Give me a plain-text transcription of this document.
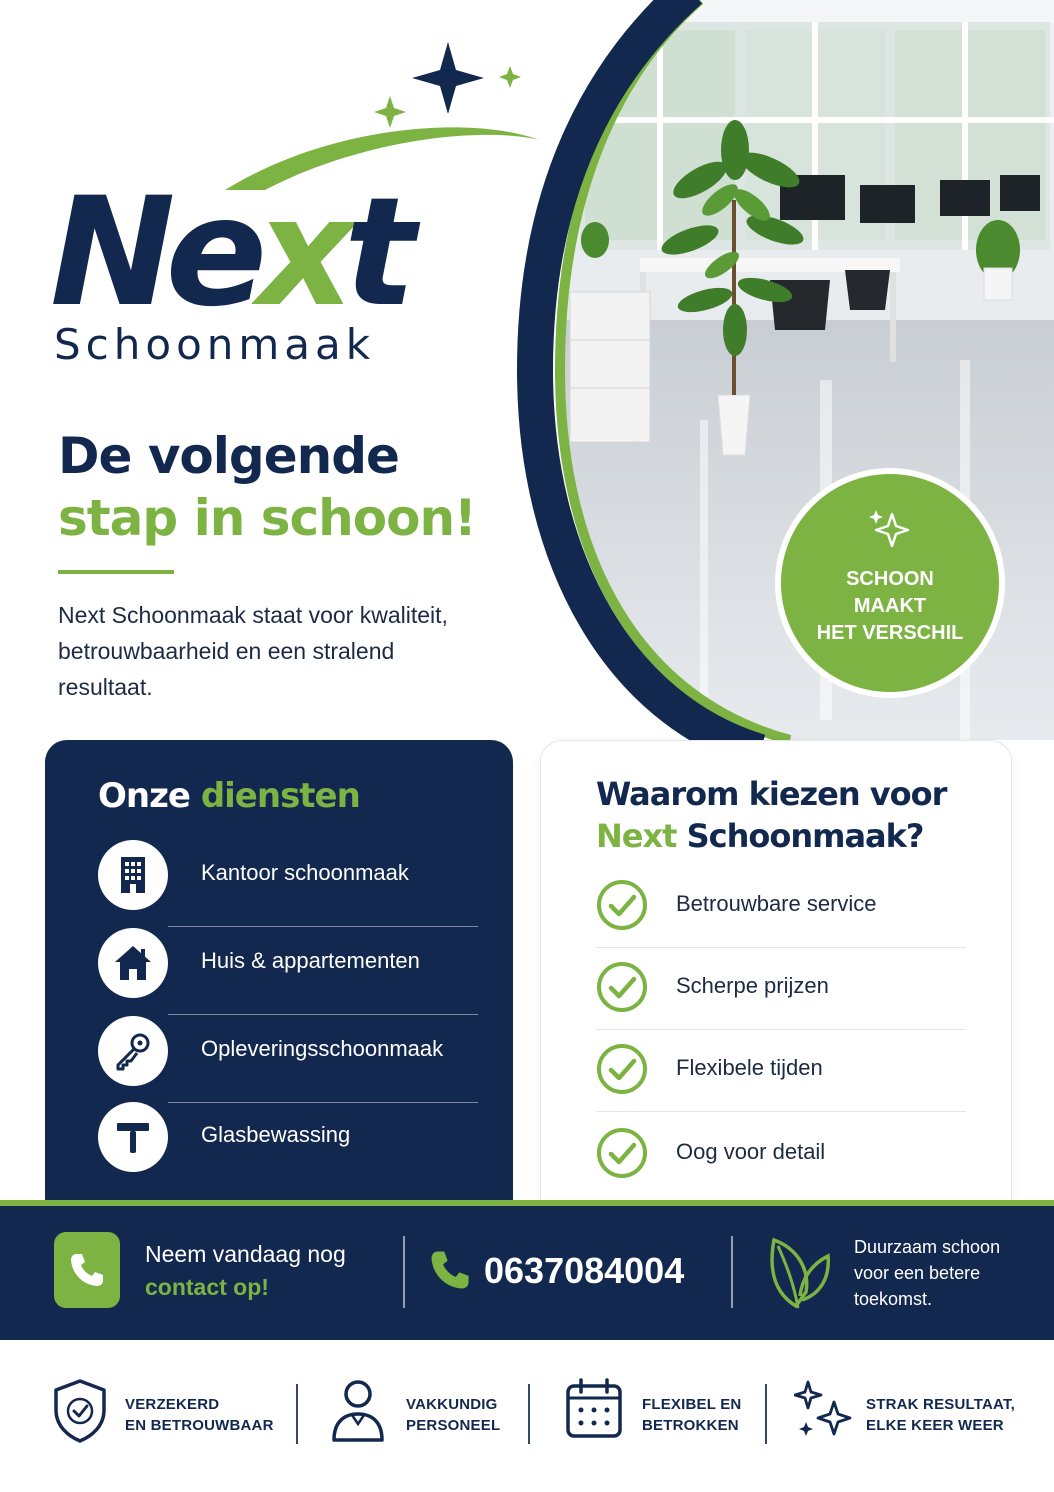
Next
Schoonmaak
De volgende
stap in schoon!

Next Schoonmaak staat voor kwaliteit, betrouwbaarheid en een stralend resultaat.

SCHOON
MAAKT
HET VERSCHIL
Onze diensten
Kantoor schoonmaak
Huis & appartementen
Opleveringsschoonmaak
Glasbewassing
Waarom kiezen voor
Next Schoonmaak?
Betrouwbare service
Scherpe prijzen
Flexibele tijden
Oog voor detail
Neem vandaag nog
contact op!	0637084004
Duurzaam schoon voor een betere toekomst.
VERZEKERD
EN BETROUWBAAR
VAKKUNDIG
PERSONEEL
FLEXIBEL EN
BETROKKEN
STRAK RESULTAAT,
ELKE KEER WEER
